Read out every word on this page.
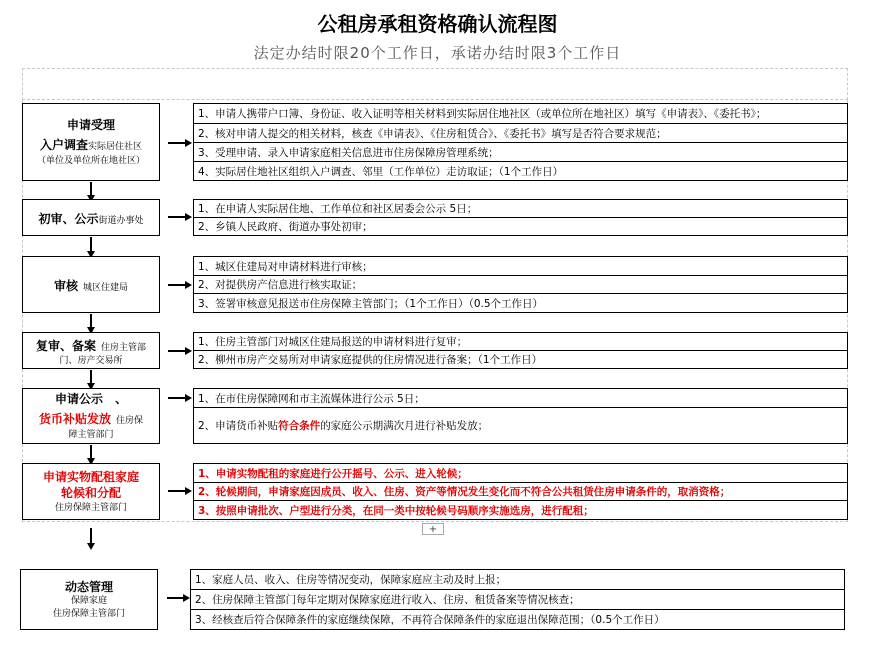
公租房承租资格确认流程图
法定办结时限20个工作日，承诺办结时限3个工作日
申请受理
入户调查实际居住社区
（单位及单位所在地社区）
1、申请人携带户口簿、身份证、收入证明等相关材料到实际居住地社区（或单位所在地社区）填写《申请表》、《委托书》；
2、核对申请人提交的相关材料，核查《申请表》、《住房租赁合》、《委托书》填写是否符合要求规范；
3、受理申请、录入申请家庭相关信息进市住房保障房管理系统；
4、实际居住地社区组织入户调查、邻里（工作单位）走访取证；（1个工作日）
初审、公示街道办事处
1、在申请人实际居住地、工作单位和社区居委会公示 5日；
2、乡镇人民政府、街道办事处初审；
审核 城区住建局
1、城区住建局对申请材料进行审核；
2、对提供房产信息进行核实取证；
3、签署审核意见报送市住房保障主管部门；（1个工作日）（0.5个工作日）
复审、备案 住房主管部
门、房产交易所
1、住房主管部门对城区住建局报送的申请材料进行复审；
2、柳州市房产交易所对申请家庭提供的住房情况进行备案；（1个工作日）
申请公示　、
货币补贴发放 住房保
障主管部门
1、在市住房保障网和市主流媒体进行公示 5日；
2、申请货币补贴 符合条件 的家庭公示期满次月进行补贴发放；
申请实物配租家庭
轮候和分配
住房保障主管部门
1、申请实物配租的家庭进行公开摇号、公示、进入轮候；
2、轮候期间，申请家庭因成员、收入、住房、资产等情况发生变化而不符合公共租赁住房申请条件的，取消资格；
3、按照申请批次、户型进行分类，在同一类中按轮候号码顺序实施选房，进行配租；
+
动态管理
保障家庭
住房保障主管部门
1、家庭人员、收入、住房等情况变动，保障家庭应主动及时上报；
2、住房保障主管部门每年定期对保障家庭进行收入、住房、租赁备案等情况核查；
3、经核查后符合保障条件的家庭继续保障，不再符合保障条件的家庭退出保障范围；（0.5个工作日）
